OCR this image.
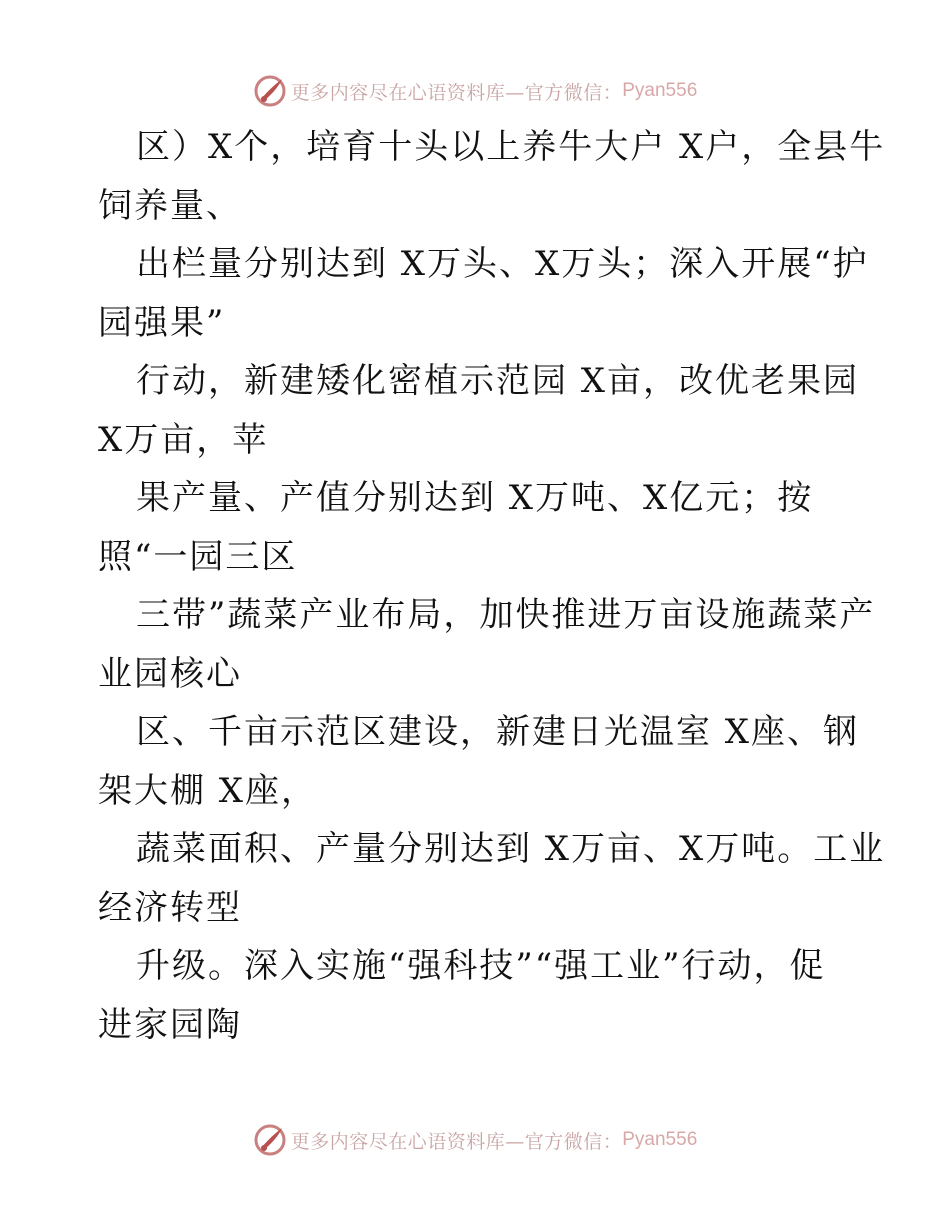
更多内容尽在心语资料库—官方微信： Pyan556
区）X个，培育十头以上养牛大户 X户，全县牛
饲养量、
出栏量分别达到 X万头、X万头；深入开展“护
园强果”
行动，新建矮化密植示范园 X亩，改优老果园
X万亩，苹
果产量、产值分别达到 X万吨、X亿元；按
照“一园三区
三带”蔬菜产业布局，加快推进万亩设施蔬菜产
业园核心
区、千亩示范区建设，新建日光温室 X座、钢
架大棚 X座，
蔬菜面积、产量分别达到 X万亩、X万吨。工业
经济转型
升级。深入实施“强科技”“强工业”行动，促
进家园陶
更多内容尽在心语资料库—官方微信： Pyan556
